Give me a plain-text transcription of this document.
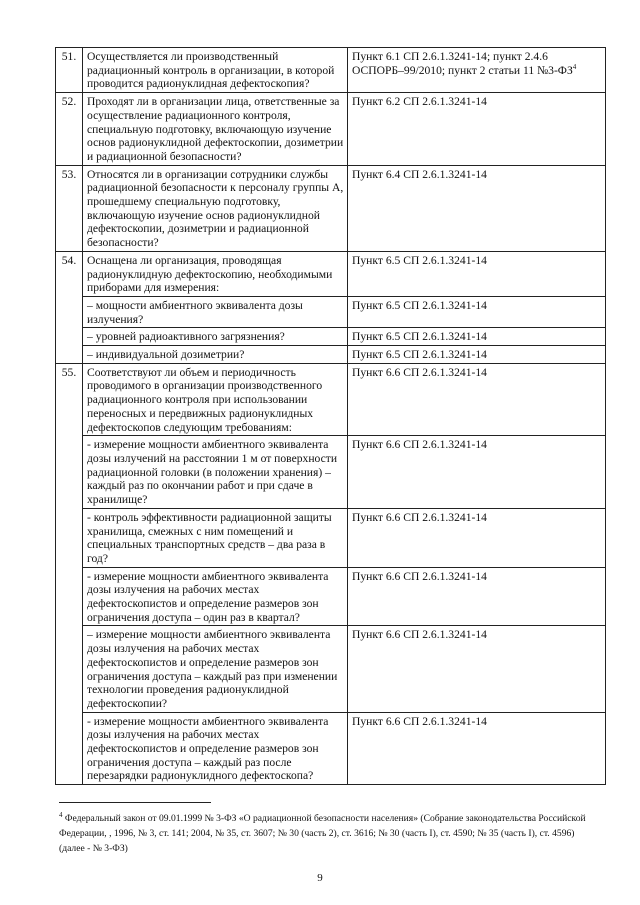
51.	Осуществляется ли производственный радиационный контроль в организации, в которой проводится радионуклидная дефектоскопия?	Пункт 6.1 СП 2.6.1.3241-14; пункт 2.4.6 ОСПОРБ–99/2010; пункт 2 статьи 11 №3-ФЗ$^4$
52.	Проходят ли в организации лица, ответственные за осуществление радиационного контроля, специальную подготовку, включающую изучение основ радионуклидной дефектоскопии, дозиметрии и радиационной безопасности?	Пункт 6.2 СП 2.6.1.3241-14
53.	Относятся ли в организации сотрудники службы радиационной безопасности к персоналу группы А, прошедшему специальную подготовку, включающую изучение основ радионуклидной дефектоскопии, дозиметрии и радиационной безопасности?	Пункт 6.4 СП 2.6.1.3241-14
54.	Оснащена ли организация, проводящая радионуклидную дефектоскопию, необходимыми приборами для измерения:	Пункт 6.5 СП 2.6.1.3241-14
	– мощности амбиентного эквивалента дозы излучения?	Пункт 6.5 СП 2.6.1.3241-14
	– уровней радиоактивного загрязнения?	Пункт 6.5 СП 2.6.1.3241-14
	– индивидуальной дозиметрии?	Пункт 6.5 СП 2.6.1.3241-14
55.	Соответствуют ли объем и периодичность проводимого в организации производственного радиационного контроля при использовании переносных и передвижных радионуклидных дефектоскопов следующим требованиям:	Пункт 6.6 СП 2.6.1.3241-14
	- измерение мощности амбиентного эквивалента дозы излучений на расстоянии 1 м от поверхности радиационной головки (в положении хранения) – каждый раз по окончании работ и при сдаче в хранилище?	Пункт 6.6 СП 2.6.1.3241-14
	- контроль эффективности радиационной защиты хранилища, смежных с ним помещений и специальных транспортных средств – два раза в год?	Пункт 6.6 СП 2.6.1.3241-14
	- измерение мощности амбиентного эквивалента дозы излучения на рабочих местах дефектоскопистов и определение размеров зон ограничения доступа – один раз в квартал?	Пункт 6.6 СП 2.6.1.3241-14
	– измерение мощности амбиентного эквивалента дозы излучения на рабочих местах дефектоскопистов и определение размеров зон ограничения доступа – каждый раз при изменении технологии проведения радионуклидной дефектоскопии?	Пункт 6.6 СП 2.6.1.3241-14
	- измерение мощности амбиентного эквивалента дозы излучения на рабочих местах дефектоскопистов и определение размеров зон ограничения доступа – каждый раз после перезарядки радионуклидного дефектоскопа?	Пункт 6.6 СП 2.6.1.3241-14
$^4$ Федеральный закон от 09.01.1999 № 3-ФЗ «О радиационной безопасности населения» (Собрание законодательства Российской Федерации, , 1996, № 3, ст. 141; 2004, № 35, ст. 3607; № 30 (часть 2), ст. 3616; № 30 (часть I), ст. 4590; № 35 (часть I), ст. 4596) (далее - № 3-ФЗ)
9
